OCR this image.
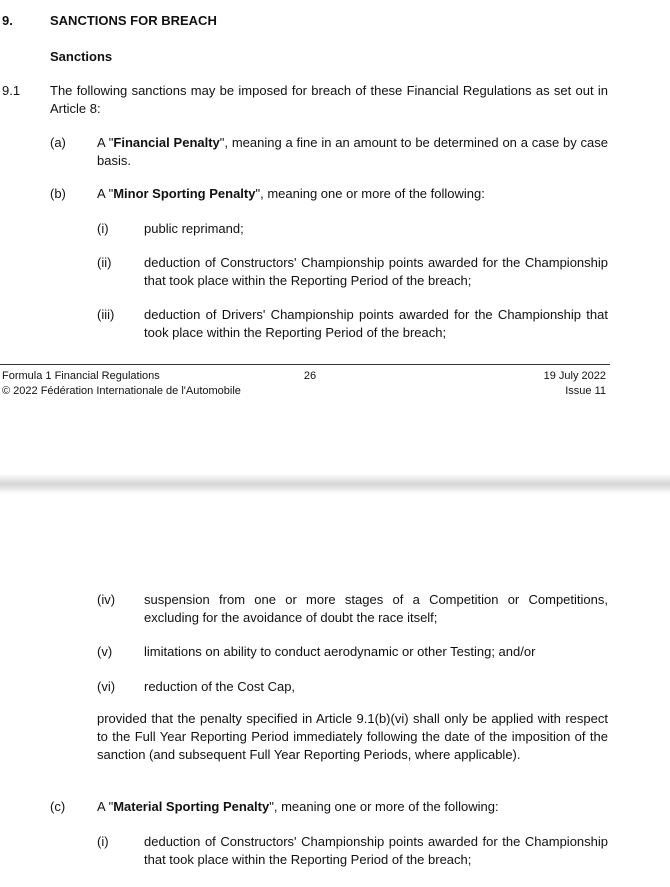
9.	SANCTIONS FOR BREACH
Sanctions
9.1 The following sanctions may be imposed for breach of these Financial Regulations as set out in Article 8:
(a) A "Financial Penalty", meaning a fine in an amount to be determined on a case by case basis.
(b) A "Minor Sporting Penalty", meaning one or more of the following:
(i)	public reprimand;
(ii)	deduction of Constructors' Championship points awarded for the Championship that took place within the Reporting Period of the breach;
(iii) deduction of Drivers' Championship points awarded for the Championship that took place within the Reporting Period of the breach;
Formula 1 Financial Regulations
© 2022 Fédération Internationale de l'Automobile
26	19 July 2022
Issue 11
(iv) suspension from one or more stages of a Competition or Competitions, excluding for the avoidance of doubt the race itself;
(v) limitations on ability to conduct aerodynamic or other Testing; and/or
(vi) reduction of the Cost Cap,
provided that the penalty specified in Article 9.1(b)(vi) shall only be applied with respect to the Full Year Reporting Period immediately following the date of the imposition of the sanction (and subsequent Full Year Reporting Periods, where applicable).
(c) A "Material Sporting Penalty", meaning one or more of the following:
(i)	deduction of Constructors' Championship points awarded for the Championship that took place within the Reporting Period of the breach;
